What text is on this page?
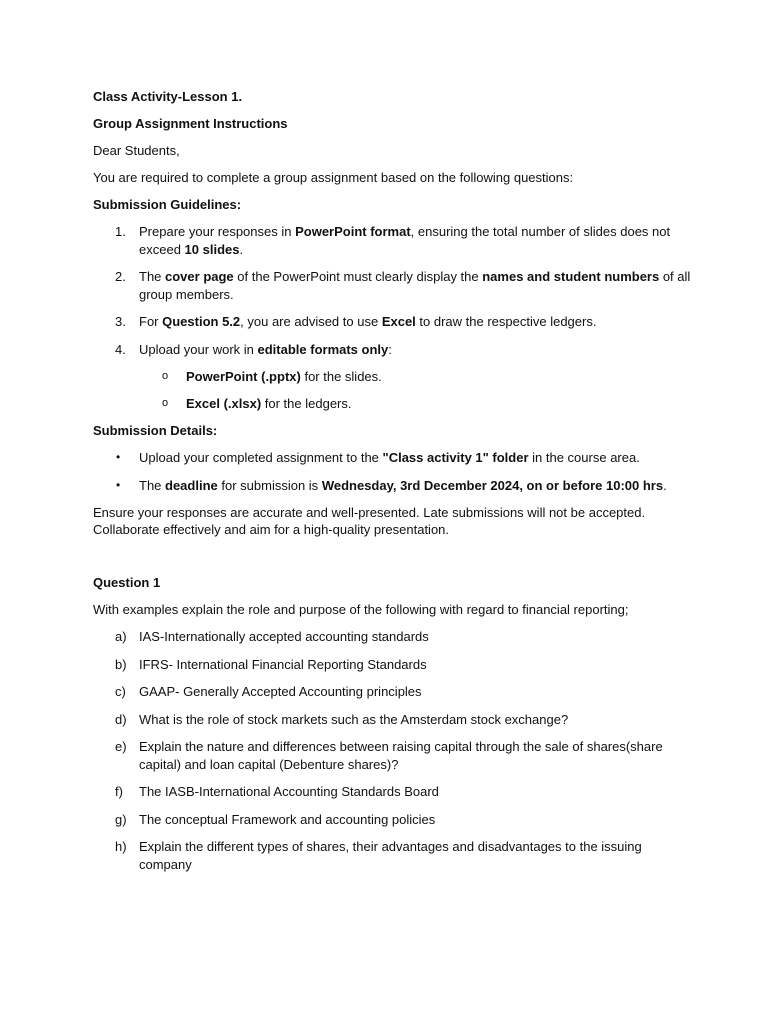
Class Activity-Lesson 1.

Group Assignment Instructions

Dear Students,

You are required to complete a group assignment based on the following questions:

Submission Guidelines:

1.	Prepare your responses in PowerPoint format, ensuring the total number of slides does not exceed 10 slides.
2.	The cover page of the PowerPoint must clearly display the names and student numbers of all group members.
3.	For Question 5.2, you are advised to use Excel to draw the respective ledgers.
4.	Upload your work in editable formats only:
o	PowerPoint (.pptx) for the slides.
o	Excel (.xlsx) for the ledgers.

Submission Details:

• Upload your completed assignment to the "Class activity 1" folder in the course area.
• The deadline for submission is Wednesday, 3rd December 2024, on or before 10:00 hrs.

Ensure your responses are accurate and well-presented. Late submissions will not be accepted.

Collaborate effectively and aim for a high-quality presentation.

Question 1

With examples explain the role and purpose of the following with regard to financial reporting;

a) IAS-Internationally accepted accounting standards
b) IFRS- International Financial Reporting Standards
c)	GAAP- Generally Accepted Accounting principles
d) What is the role of stock markets such as the Amsterdam stock exchange?
e) Explain the nature and differences between raising capital through the sale of shares(share capital) and loan capital (Debenture shares)?
f)	The IASB-International Accounting Standards Board
g) The conceptual Framework and accounting policies
h) Explain the different types of shares, their advantages and disadvantages to the issuing company
